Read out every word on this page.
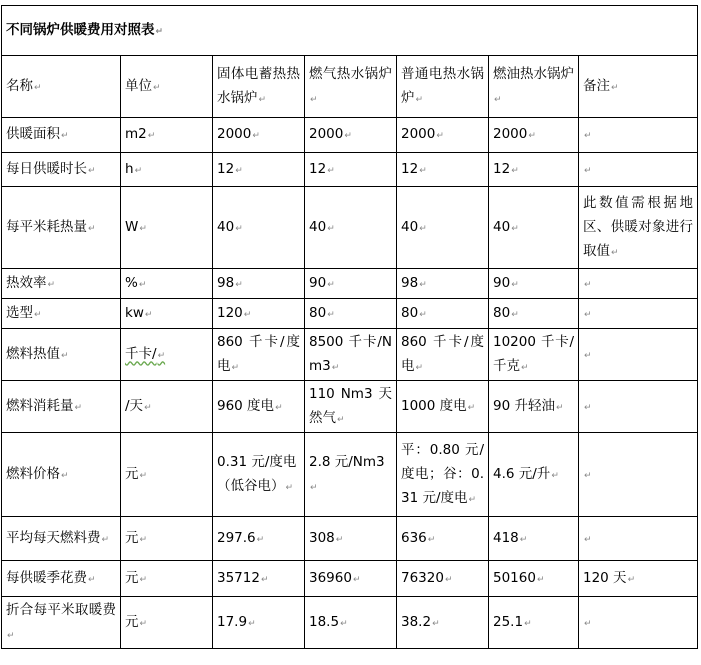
不同锅炉供暖费用对照表 ↵
名称 ↵	单位 ↵	固体电蓄热热水锅炉 ↵	燃气热水锅炉 ↵	普通电热水锅炉 ↵	燃油热水锅炉 ↵	备注 ↵
供暖面积 ↵	m2 ↵	2000 ↵	2000 ↵	2000 ↵	2000 ↵	↵
每日供暖时长 ↵	h ↵	12 ↵	12 ↵	12 ↵	12 ↵	↵
每平米耗热量 ↵	W ↵	40 ↵	40 ↵	40 ↵	40 ↵	此数值需根据地区、供暖对象进行取值 ↵
热效率 ↵	% ↵	98 ↵	90 ↵	98 ↵	90 ↵	↵
选型 ↵	kw ↵	120 ↵	80 ↵	80 ↵	80 ↵	↵
燃料热值 ↵	千卡/ ↵	860 千卡/度电 ↵	8500 千卡/Nm3 ↵	860 千卡/度电 ↵	10200 千卡/千克 ↵	↵
燃料消耗量 ↵	/天 ↵	960 度电 ↵	110 Nm3 天然气 ↵	1000 度电 ↵	90 升轻油 ↵	↵
燃料价格 ↵	元 ↵	0.31 元/度电（低谷电） ↵	2.8 元/Nm3 ↵	平：0.80 元/度电；谷：0.31 元/度电 ↵	4.6 元/升 ↵	↵
平均每天燃料费 ↵	元 ↵	297.6 ↵	308 ↵	636 ↵	418 ↵	↵
每供暖季花费 ↵	元 ↵	35712 ↵	36960 ↵	76320 ↵	50160 ↵	120 天 ↵
折合每平米取暖费 ↵	元 ↵	17.9 ↵	18.5 ↵	38.2 ↵	25.1 ↵	↵
